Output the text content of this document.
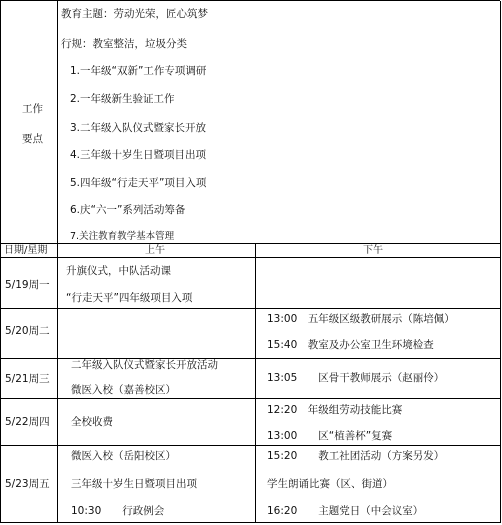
工作
要点
教育主题：劳动光荣，匠心筑梦
行规：教室整洁，垃圾分类
1.一年级“双新”工作专项调研
2.一年级新生验证工作
3.二年级入队仪式暨家长开放
4.三年级十岁生日暨项目出项
5.四年级“行走天平”项目入项
6.庆“六一”系列活动筹备
7.关注教育教学基本管理
日期/星期	上午	下午
5/19周一
升旗仪式，中队活动课
“行走天平”四年级项目入项
5/20周二
13:00　五年级区级教研展示（陈培佩）
15:40　教室及办公室卫生环境检查
5/21周三
二年级入队仪式暨家长开放活动
微医入校（嘉善校区）
13:05　　区骨干教师展示（赵丽伶）
5/22周四 全校收费
12:20　年级组劳动技能比赛
13:00　　区“植善杯”复赛
5/23周五
微医入校（岳阳校区）
三年级十岁生日暨项目出项
10:30　　行政例会
15:20　　教工社团活动（方案另发）
学生朗诵比赛（区、街道）
16:20　　主题党日（中会议室）
